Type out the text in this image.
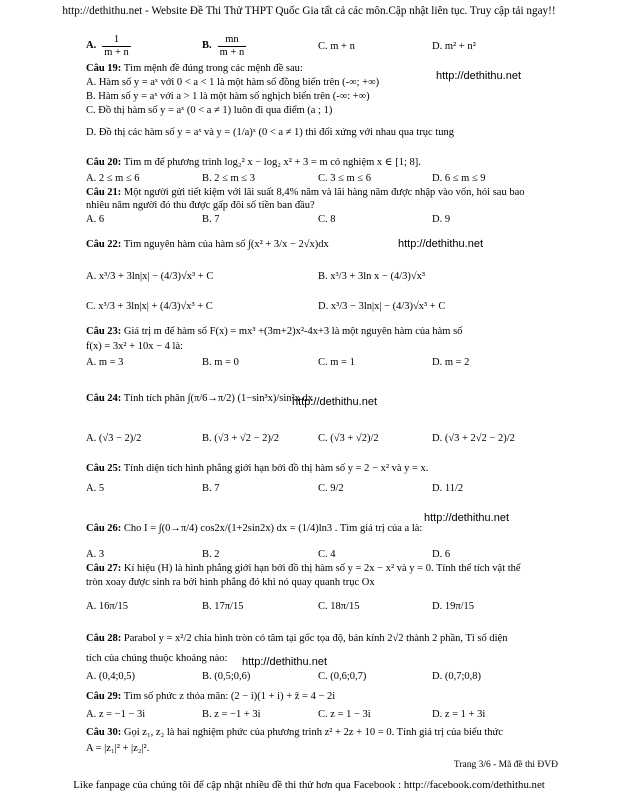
http://dethithu.net - Website Đề Thi Thử THPT Quốc Gia tất cả các môn.Cập nhật liên tục. Truy cập tải ngay!!
A. $\frac{1}{m + n}$	B. $\frac{mn}{m + n}$	C. m + n	D. m² + n²
Câu 19: Tìm mệnh đề đúng trong các mệnh đề sau:
A. Hàm số y = aˣ với 0 < a < 1 là một hàm số đồng biến trên (-∞; +∞)
B. Hàm số y = aˣ với a > 1 là một hàm số nghịch biến trên (-∞: +∞)
C. Đồ thị hàm số y = aˣ (0 < a ≠ 1) luôn đi qua điểm (a ; 1)
D. Đồ thị các hàm số y = aˣ và y = (1/a)ˣ (0 < a ≠ 1) thì đối xứng với nhau qua trục tung
http://dethithu.net
Câu 20: Tìm m để phương trình log₂² x − log₂ x² + 3 = m có nghiệm x ∈ [1; 8].
A. 2 ≤ m ≤ 6	B. 2 ≤ m ≤ 3	C. 3 ≤ m ≤ 6	D. 6 ≤ m ≤ 9
Câu 21: Một người gửi tiết kiệm với lãi suất 8,4% năm và lãi hàng năm được nhập vào vốn, hỏi sau bao
nhiêu năm người đó thu được gấp đôi số tiền ban đầu?
A. 6	B. 7	C. 8	D. 9
Câu 22: Tìm nguyên hàm của hàm số ∫(x² + 3/x − 2√x)dx	http://dethithu.net
A. x³/3 + 3ln|x| − (4/3)√x³ + C	B. x³/3 + 3ln x − (4/3)√x³
C. x³/3 + 3ln|x| + (4/3)√x³ + C	D. x³/3 − 3ln|x| − (4/3)√x³ + C
Câu 23: Giá trị m để hàm số F(x) = mx³ +(3m+2)x²-4x+3 là một nguyên hàm của hàm số
f(x) = 3x² + 10x − 4 là:
A. m = 3	B. m = 0	C. m = 1	D. m = 2
Câu 24: Tính tích phân ∫(π/6→π/2) (1−sin³x)/sin²x dx
http://dethithu.net
A. (√3 − 2)/2	B. (√3 + √2 − 2)/2	C. (√3 + √2)/2	D. (√3 + 2√2 − 2)/2
Câu 25: Tính diện tích hình phẳng giới hạn bởi đồ thị hàm số y = 2 − x² và y = x.
A. 5	B. 7	C. 9/2	D. 11/2
Câu 26: Cho I = ∫(0→π/4) cos2x/(1+2sin2x) dx = (1/4)ln3 . Tìm giá trị của a là:
http://dethithu.net
A. 3	B. 2	C. 4	D. 6
Câu 27: Kí hiệu (H) là hình phẳng giới hạn bởi đồ thị hàm số y = 2x − x² và y = 0. Tính thể tích vật thể
tròn xoay được sinh ra bởi hình phẳng đó khi nó quay quanh trục Ox
A. 16π/15	B. 17π/15	C. 18π/15	D. 19π/15
Câu 28: Parabol y = x²/2 chia hình tròn có tâm tại gốc tọa độ, bán kính 2√2 thành 2 phần, Tỉ số diện
tích của chúng thuộc khoảng nào:	http://dethithu.net
A. (0,4;0,5)	B. (0,5;0,6)	C. (0,6;0,7)	D. (0,7;0,8)
Câu 29: Tìm số phức z thỏa mãn: (2 − i)(1 + i) + z̄ = 4 − 2i
A. z = −1 − 3i	B. z = −1 + 3i	C. z = 1 − 3i	D. z = 1 + 3i
Câu 30: Gọi z₁, z₂ là hai nghiệm phức của phương trình z² + 2z + 10 = 0. Tính giá trị của biểu thức
A = |z₁|² + |z₂|².
Trang 3/6 - Mã đề thi ĐVĐ
Like fanpage của chúng tôi để cập nhật nhiều đề thi thử hơn qua Facebook : http://facebook.com/dethithu.net
